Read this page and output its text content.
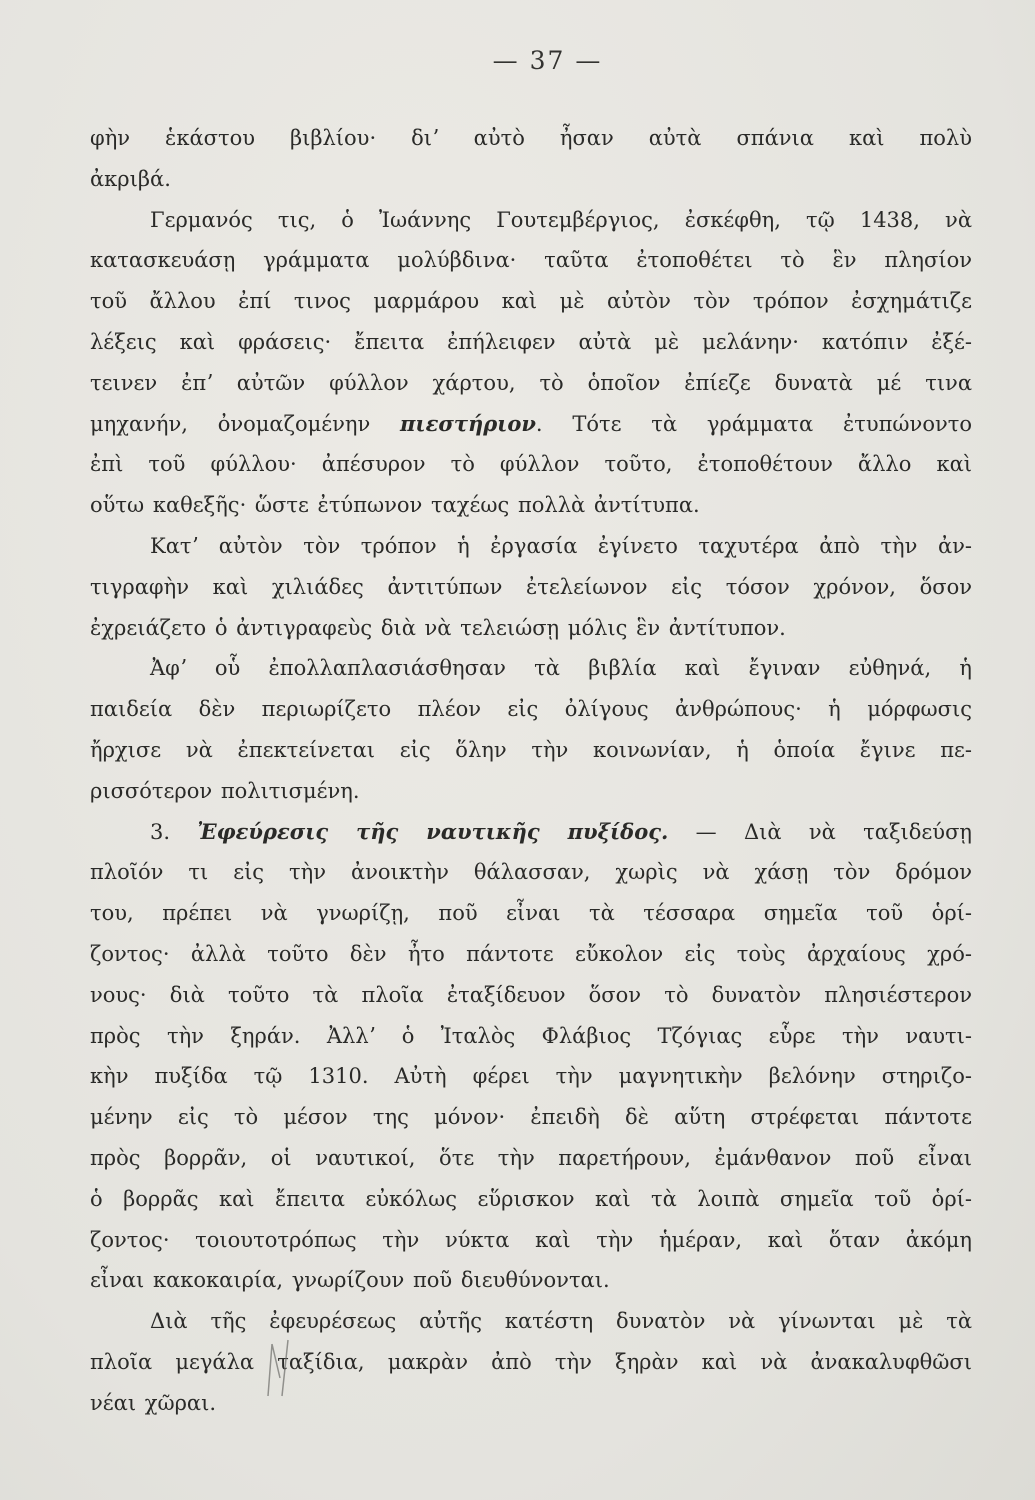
— 37 —
φὴν ἑκάστου βιβλίου· διʼ αὐτὸ ἦσαν αὐτὰ σπάνια καὶ πολὺ
ἀκριβά.
Γερμανός τις, ὁ Ἰωάννης Γουτεμβέργιος, ἐσκέφθη, τῷ 1438, νὰ
κατασκευάσῃ γράμματα μολύβδινα· ταῦτα ἐτοποθέτει τὸ ἓν πλησίον
τοῦ ἄλλου ἐπί τινος μαρμάρου καὶ μὲ αὐτὸν τὸν τρόπον ἐσχημάτιζε
λέξεις καὶ φράσεις· ἔπειτα ἐπήλειφεν αὐτὰ μὲ μελάνην· κατόπιν ἐξέ-
τεινεν ἐπʼ αὐτῶν φύλλον χάρτου, τὸ ὁποῖον ἐπίεζε δυνατὰ μέ τινα
μηχανήν, ὀνομαζομένην πιεστήριον. Τότε τὰ γράμματα ἐτυπώνοντο
ἐπὶ τοῦ φύλλου· ἀπέσυρον τὸ φύλλον τοῦτο, ἐτοποθέτουν ἄλλο καὶ
οὕτω καθεξῆς· ὥστε ἐτύπωνον ταχέως πολλὰ ἀντίτυπα.
Κατʼ αὐτὸν τὸν τρόπον ἡ ἐργασία ἐγίνετο ταχυτέρα ἀπὸ τὴν ἀν-
τιγραφὴν καὶ χιλιάδες ἀντιτύπων ἐτελείωνον εἰς τόσον χρόνον, ὅσον
ἐχρειάζετο ὁ ἀντιγραφεὺς διὰ νὰ τελειώσῃ μόλις ἓν ἀντίτυπον.
Ἀφʼ οὗ ἐπολλαπλασιάσθησαν τὰ βιβλία καὶ ἔγιναν εὐθηνά, ἡ
παιδεία δὲν περιωρίζετο πλέον εἰς ὀλίγους ἀνθρώπους· ἡ μόρφωσις
ἤρχισε νὰ ἐπεκτείνεται εἰς ὅλην τὴν κοινωνίαν, ἡ ὁποία ἔγινε πε-
ρισσότερον πολιτισμένη.
3. Ἐφεύρεσις τῆς ναυτικῆς πυξίδος. — Διὰ νὰ ταξιδεύσῃ
πλοῖόν τι εἰς τὴν ἀνοικτὴν θάλασσαν, χωρὶς νὰ χάσῃ τὸν δρόμον
του, πρέπει νὰ γνωρίζῃ, ποῦ εἶναι τὰ τέσσαρα σημεῖα τοῦ ὁρί-
ζοντος· ἀλλὰ τοῦτο δὲν ἦτο πάντοτε εὔκολον εἰς τοὺς ἀρχαίους χρό-
νους· διὰ τοῦτο τὰ πλοῖα ἐταξίδευον ὅσον τὸ δυνατὸν πλησιέστερον
πρὸς τὴν ξηράν. Ἀλλʼ ὁ Ἰταλὸς Φλάβιος Τζόγιας εὗρε τὴν ναυτι-
κὴν πυξίδα τῷ 1310. Αὐτὴ φέρει τὴν μαγνητικὴν βελόνην στηριζο-
μένην εἰς τὸ μέσον της μόνον· ἐπειδὴ δὲ αὕτη στρέφεται πάντοτε
πρὸς βορρᾶν, οἱ ναυτικοί, ὅτε τὴν παρετήρουν, ἐμάνθανον ποῦ εἶναι
ὁ βορρᾶς καὶ ἔπειτα εὐκόλως εὕρισκον καὶ τὰ λοιπὰ σημεῖα τοῦ ὁρί-
ζοντος· τοιουτοτρόπως τὴν νύκτα καὶ τὴν ἡμέραν, καὶ ὅταν ἀκόμη
εἶναι κακοκαιρία, γνωρίζουν ποῦ διευθύνονται.
Διὰ τῆς ἐφευρέσεως αὐτῆς κατέστη δυνατὸν νὰ γίνωνται μὲ τὰ
πλοῖα μεγάλα ταξίδια, μακρὰν ἀπὸ τὴν ξηρὰν καὶ νὰ ἀνακαλυφθῶσι
νέαι χῶραι.
